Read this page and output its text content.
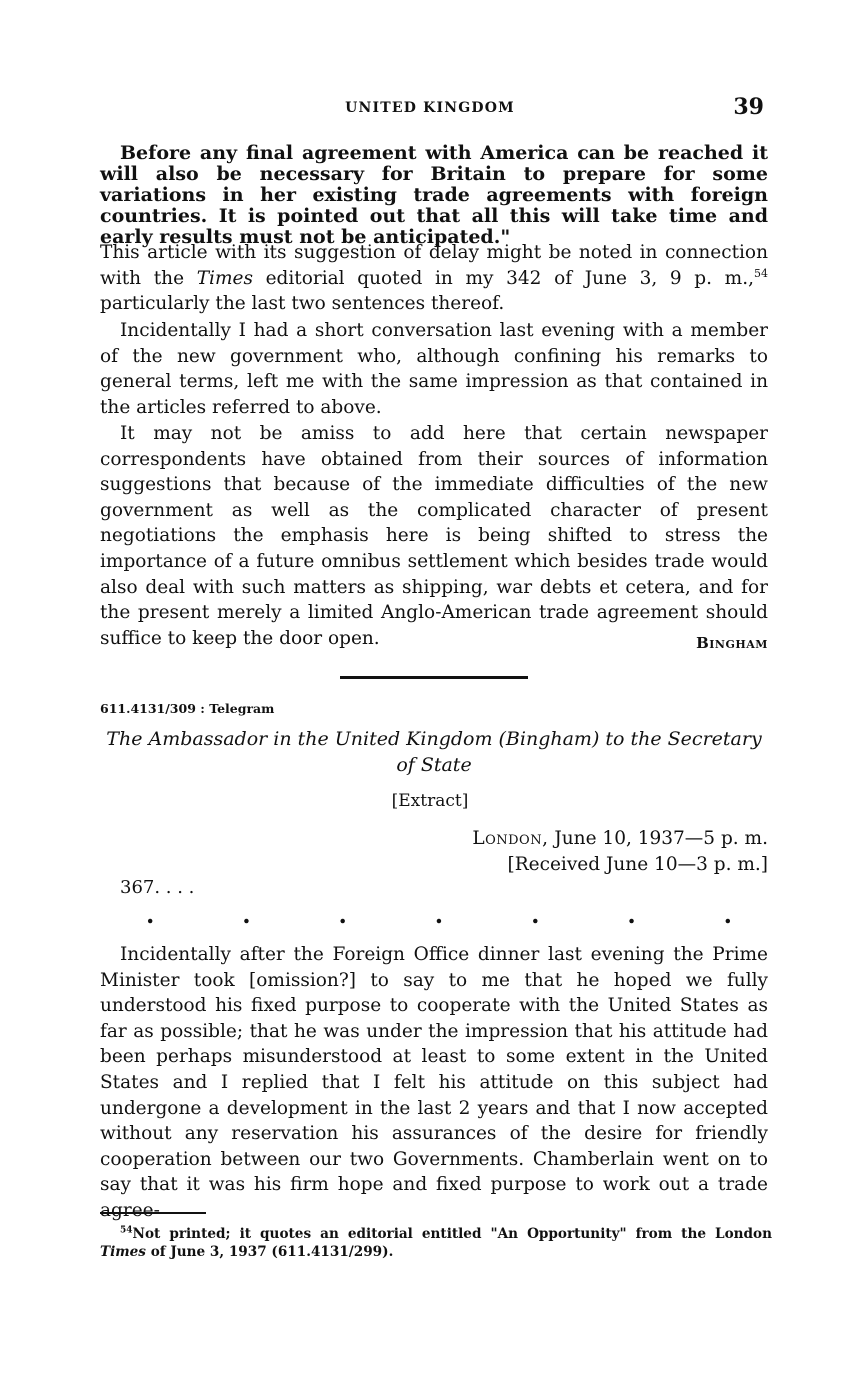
UNITED KINGDOM	39

Before any final agreement with America can be reached it will also be necessary for Britain to prepare for some variations in her existing trade agreements with foreign countries. It is pointed out that all this will take time and early results must not be anticipated."

This article with its suggestion of delay might be noted in connection with the Times editorial quoted in my 342 of June 3, 9 p. m.,$^{54}$ particularly the last two sentences thereof.

Incidentally I had a short conversation last evening with a member of the new government who, although confining his remarks to general terms, left me with the same impression as that contained in the articles referred to above.

It may not be amiss to add here that certain newspaper correspondents have obtained from their sources of information suggestions that because of the immediate difficulties of the new government as well as the complicated character of present negotiations the emphasis here is being shifted to stress the importance of a future omnibus settlement which besides trade would also deal with such matters as shipping, war debts et cetera, and for the present merely a limited Anglo-American trade agreement should suffice to keep the door open.	Bingham
611.4131/309 : Telegram
The Ambassador in the United Kingdom (Bingham) to the Secretary of State
[Extract]
London, June 10, 1937—5 p. m.
[Received June 10—3 p. m.]
367. . . .
.	.	.	.	.	.	.

Incidentally after the Foreign Office dinner last evening the Prime Minister took [omission?] to say to me that he hoped we fully understood his fixed purpose to cooperate with the United States as far as possible; that he was under the impression that his attitude had been perhaps misunderstood at least to some extent in the United States and I replied that I felt his attitude on this subject had undergone a development in the last 2 years and that I now accepted without any reservation his assurances of the desire for friendly cooperation between our two Governments. Chamberlain went on to say that it was his firm hope and fixed purpose to work out a trade agree-

$^{54}$Not printed; it quotes an editorial entitled "An Opportunity" from the London Times of June 3, 1937 (611.4131/299).
